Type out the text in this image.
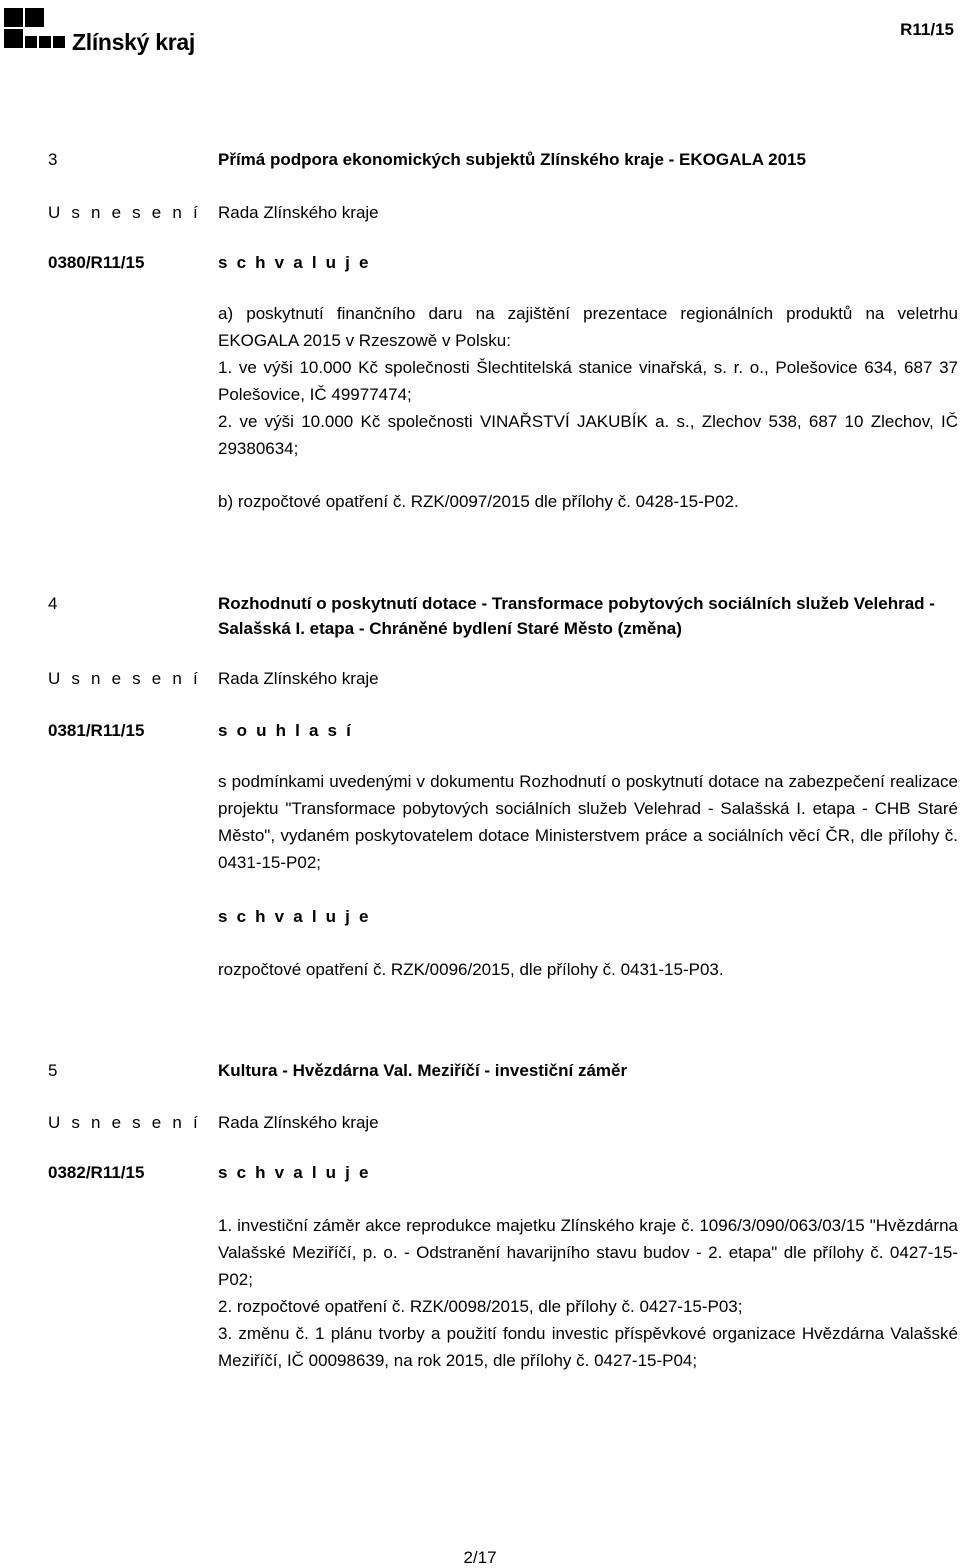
Zlínský kraj	R11/15
3	Přímá podpora ekonomických subjektů Zlínského kraje - EKOGALA 2015
U s n e s e n í Rada Zlínského kraje
0380/R11/15	s c h v a l u j e
a) poskytnutí finančního daru na zajištění prezentace regionálních produktů na veletrhu EKOGALA 2015 v Rzeszowě v Polsku:
1. ve výši 10.000 Kč společnosti Šlechtitelská stanice vinařská, s. r. o., Polešovice 634, 687 37 Polešovice, IČ 49977474;
2. ve výši 10.000 Kč společnosti VINAŘSTVÍ JAKUBÍK a. s., Zlechov 538, 687 10 Zlechov, IČ 29380634;
b) rozpočtové opatření č. RZK/0097/2015 dle přílohy č. 0428-15-P02.
4	Rozhodnutí o poskytnutí dotace - Transformace pobytových sociálních služeb Velehrad - Salašská I. etapa - Chráněné bydlení Staré Město (změna)
U s n e s e n í Rada Zlínského kraje
0381/R11/15	s o u h l a s í
s podmínkami uvedenými v dokumentu Rozhodnutí o poskytnutí dotace na zabezpečení realizace projektu "Transformace pobytových sociálních služeb Velehrad - Salašská I. etapa - CHB Staré Město", vydaném poskytovatelem dotace Ministerstvem práce a sociálních věcí ČR, dle přílohy č. 0431-15-P02;
s c h v a l u j e
rozpočtové opatření č. RZK/0096/2015, dle přílohy č. 0431-15-P03.
5	Kultura - Hvězdárna Val. Meziříčí - investiční záměr
U s n e s e n í Rada Zlínského kraje
0382/R11/15	s c h v a l u j e
1. investiční záměr akce reprodukce majetku Zlínského kraje č. 1096/3/090/063/03/15 "Hvězdárna Valašské Meziříčí, p. o. - Odstranění havarijního stavu budov - 2. etapa" dle přílohy č. 0427-15-P02;
2. rozpočtové opatření č. RZK/0098/2015, dle přílohy č. 0427-15-P03;
3. změnu č. 1 plánu tvorby a použití fondu investic příspěvkové organizace Hvězdárna Valašské Meziříčí, IČ 00098639, na rok 2015, dle přílohy č. 0427-15-P04;
2/17
